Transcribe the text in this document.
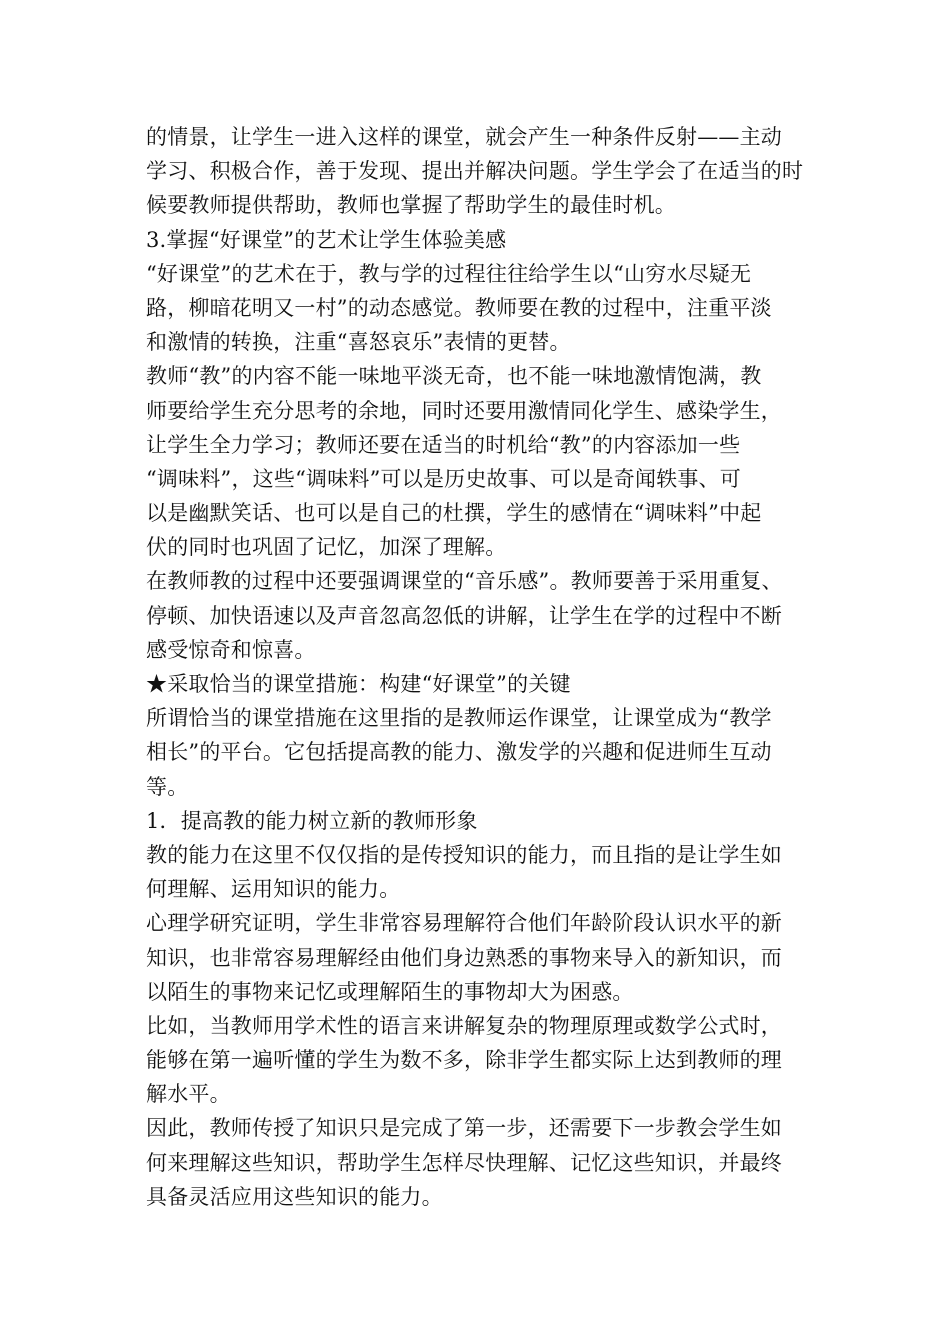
的情景，让学生一进入这样的课堂，就会产生一种条件反射——主动
学习、积极合作，善于发现、提出并解决问题。学生学会了在适当的时
候要教师提供帮助，教师也掌握了帮助学生的最佳时机。
3.掌握“好课堂”的艺术让学生体验美感
“好课堂”的艺术在于，教与学的过程往往给学生以“山穷水尽疑无
路，柳暗花明又一村”的动态感觉。教师要在教的过程中，注重平淡
和激情的转换，注重“喜怒哀乐”表情的更替。
教师“教”的内容不能一味地平淡无奇，也不能一味地激情饱满，教
师要给学生充分思考的余地，同时还要用激情同化学生、感染学生，
让学生全力学习；教师还要在适当的时机给“教”的内容添加一些
“调味料”，这些“调味料”可以是历史故事、可以是奇闻轶事、可
以是幽默笑话、也可以是自己的杜撰，学生的感情在“调味料”中起
伏的同时也巩固了记忆，加深了理解。
在教师教的过程中还要强调课堂的“音乐感”。教师要善于采用重复、
停顿、加快语速以及声音忽高忽低的讲解，让学生在学的过程中不断
感受惊奇和惊喜。
★采取恰当的课堂措施：构建“好课堂”的关键
所谓恰当的课堂措施在这里指的是教师运作课堂，让课堂成为“教学
相长”的平台。它包括提高教的能力、激发学的兴趣和促进师生互动
等。
1．提高教的能力树立新的教师形象
教的能力在这里不仅仅指的是传授知识的能力，而且指的是让学生如
何理解、运用知识的能力。
心理学研究证明，学生非常容易理解符合他们年龄阶段认识水平的新
知识，也非常容易理解经由他们身边熟悉的事物来导入的新知识，而
以陌生的事物来记忆或理解陌生的事物却大为困惑。
比如，当教师用学术性的语言来讲解复杂的物理原理或数学公式时，
能够在第一遍听懂的学生为数不多，除非学生都实际上达到教师的理
解水平。
因此，教师传授了知识只是完成了第一步，还需要下一步教会学生如
何来理解这些知识，帮助学生怎样尽快理解、记忆这些知识，并最终
具备灵活应用这些知识的能力。
